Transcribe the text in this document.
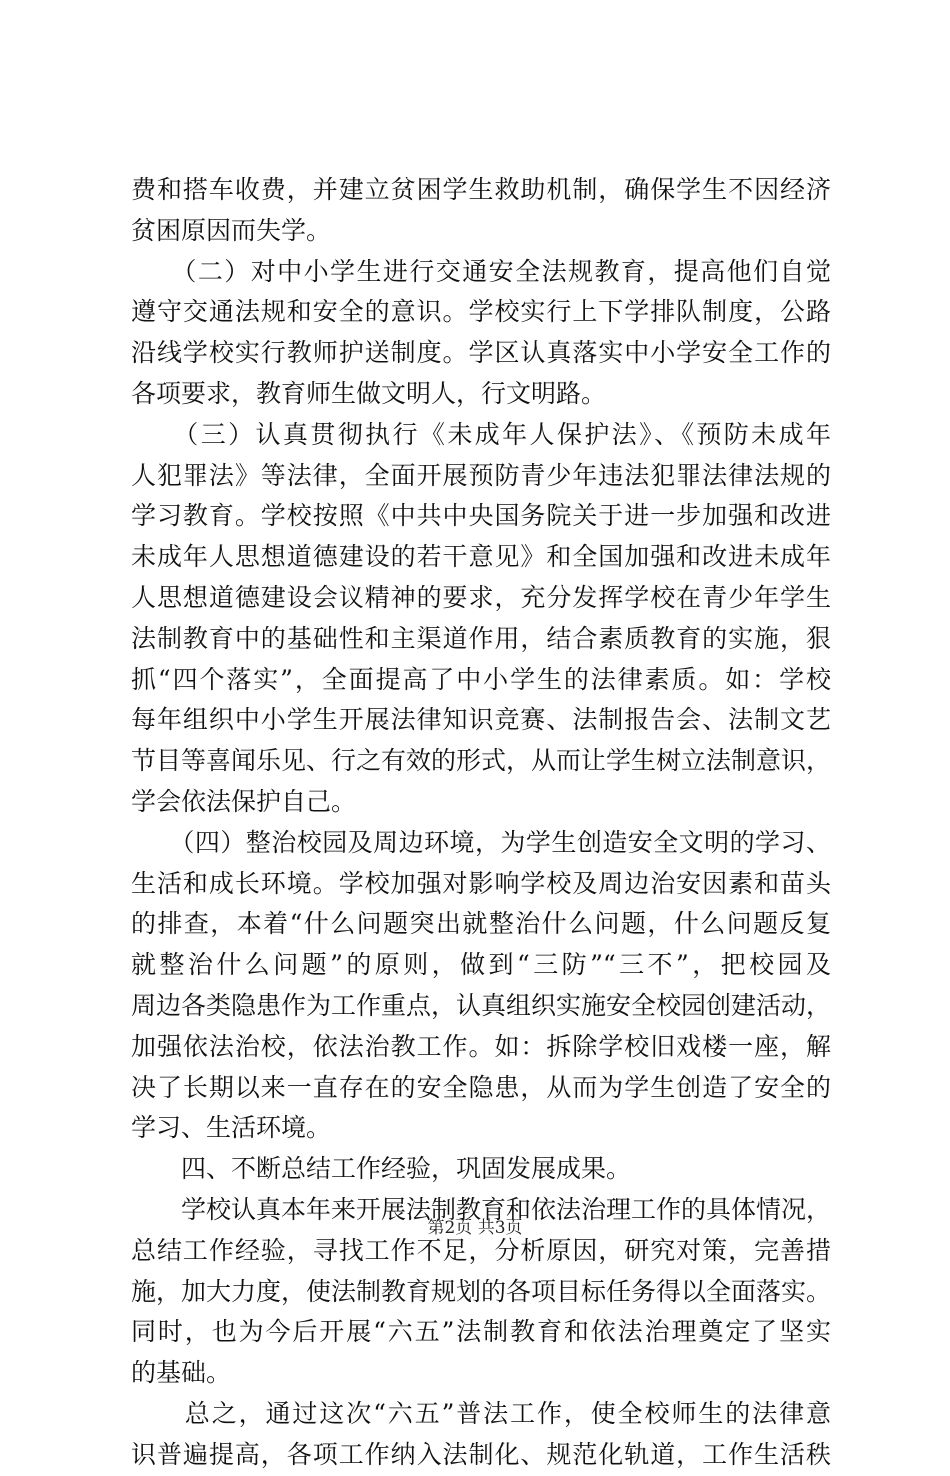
费和搭车收费，并建立贫困学生救助机制，确保学生不因经济
贫困原因而失学。
　　（二）对中小学生进行交通安全法规教育，提高他们自觉
遵守交通法规和安全的意识。学校实行上下学排队制度，公路
沿线学校实行教师护送制度。学区认真落实中小学安全工作的
各项要求，教育师生做文明人，行文明路。
　　（三）认真贯彻执行《未成年人保护法》、《预防未成年
人犯罪法》等法律，全面开展预防青少年违法犯罪法律法规的
学习教育。学校按照《中共中央国务院关于进一步加强和改进
未成年人思想道德建设的若干意见》和全国加强和改进未成年
人思想道德建设会议精神的要求，充分发挥学校在青少年学生
法制教育中的基础性和主渠道作用，结合素质教育的实施，狠
抓“四个落实”，全面提高了中小学生的法律素质。如：学校
每年组织中小学生开展法律知识竞赛、法制报告会、法制文艺
节目等喜闻乐见、行之有效的形式，从而让学生树立法制意识，
学会依法保护自己。
　　（四）整治校园及周边环境，为学生创造安全文明的学习、
生活和成长环境。学校加强对影响学校及周边治安因素和苗头
的排查，本着“什么问题突出就整治什么问题，什么问题反复
就整治什么问题”的原则，做到“三防”“三不”，把校园及
周边各类隐患作为工作重点，认真组织实施安全校园创建活动，
加强依法治校，依法治教工作。如：拆除学校旧戏楼一座，解
决了长期以来一直存在的安全隐患，从而为学生创造了安全的
学习、生活环境。
　　四、不断总结工作经验，巩固发展成果。
　　学校认真本年来开展法制教育和依法治理工作的具体情况，
总结工作经验，寻找工作不足，分析原因，研究对策，完善措
施，加大力度，使法制教育规划的各项目标任务得以全面落实。
同时，也为今后开展“六五”法制教育和依法治理奠定了坚实
的基础。
　　总之，通过这次“六五”普法工作，使全校师生的法律意
识普遍提高，各项工作纳入法制化、规范化轨道，工作生活秩
第2页 共3页
